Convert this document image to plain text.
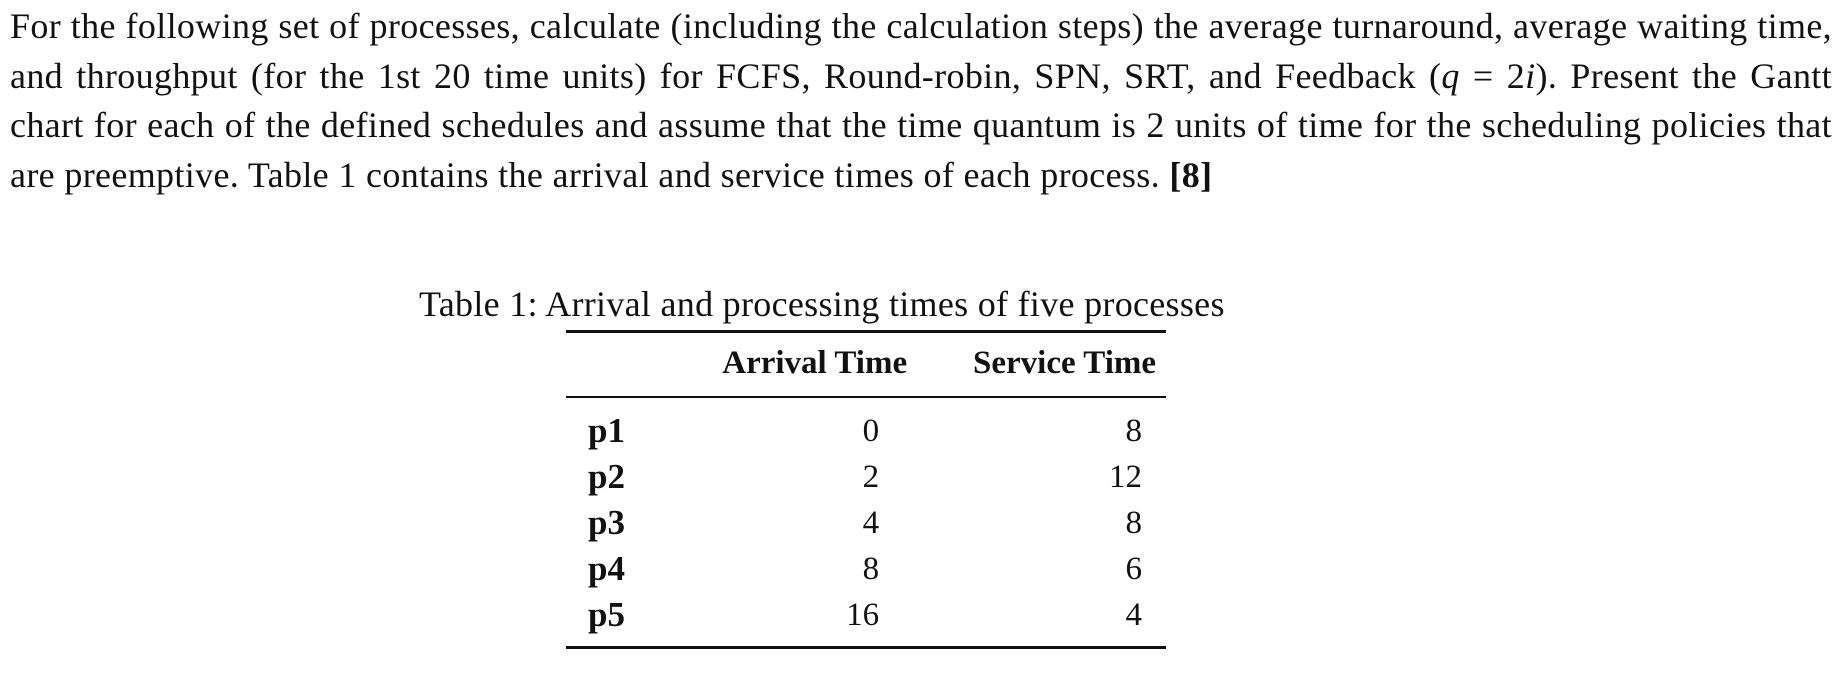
For the following set of processes, calculate (including the calculation steps) the average turnaround, average waiting time, and throughput (for the 1st 20 time units) for FCFS, Round-robin, SPN, SRT, and Feedback (q = 2i). Present the Gantt chart for each of the defined schedules and assume that the time quantum is 2 units of time for the scheduling policies that are preemptive. Table 1 contains the arrival and service times of each process. [8]

Table 1: Arrival and processing times of five processes
	Arrival Time	Service Time
p1	0	8
p2	2	12
p3	4	8
p4	8	6
p5	16	4
